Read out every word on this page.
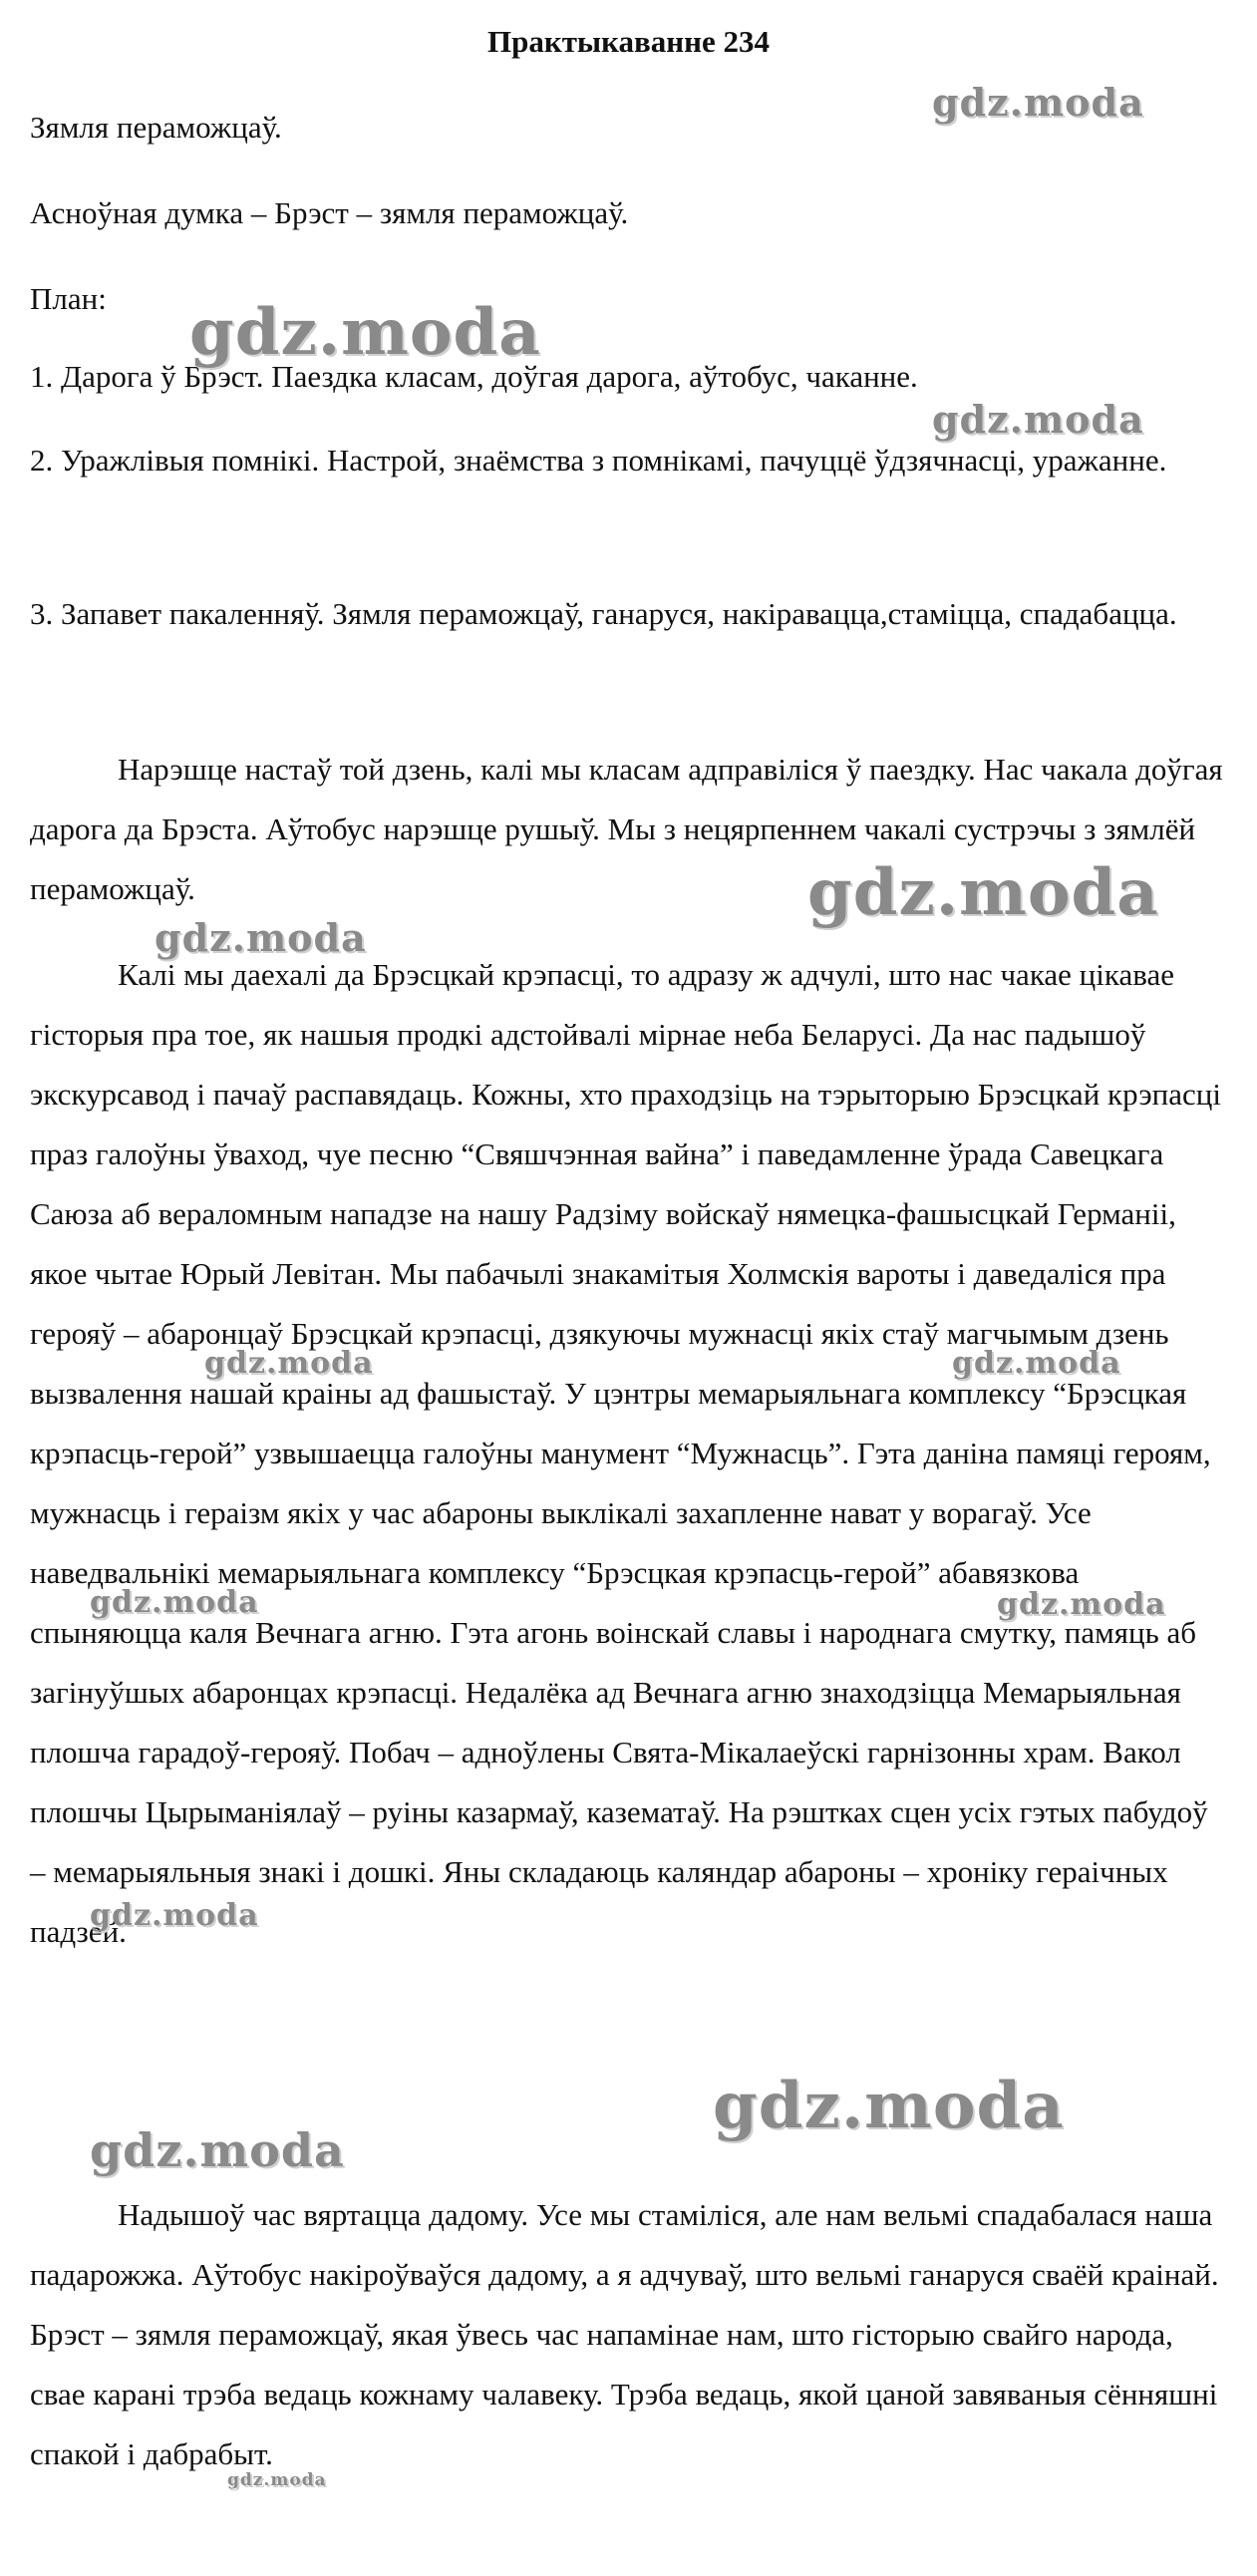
Практыкаванне 234

Зямля пераможцаў.

Асноўная думка – Брэст – зямля пераможцаў.

План:

1. Дарога ў Брэст. Паездка класам, доўгая дарога, аўтобус, чаканне.

2. Уражлівыя помнікі. Настрой, знаёмства з помнікамі, пачуццё ўдзячнасці, уражанне.

3. Запавет пакаленняў. Зямля пераможцаў, ганаруся, накіравацца,стаміцца, спадабацца.

Нарэшце настаў той дзень, калі мы класам адправіліся ў паездку. Нас чакала доўгая дарога да Брэста. Аўтобус нарэшце рушыў. Мы з нецярпеннем чакалі сустрэчы з зямлёй пераможцаў.

Калі мы даехалі да Брэсцкай крэпасці, то адразу ж адчулі, што нас чакае цікавае гісторыя пра тое, як нашыя продкі адстойвалі мірнае неба Беларусі. Да нас падышоў экскурсавод і пачаў распавядаць. Кожны, хто праходзіць на тэрыторыю Брэсцкай крэпасці праз галоўны ўваход, чуе песню “Свяшчэнная вайна” і паведамленне ўрада Савецкага Саюза аб вераломным нападзе на нашу Радзіму войскаў нямецка-фашысцкай Германіі, якое чытае Юрый Левітан. Мы пабачылі знакамітыя Холмскія вароты і даведаліся пра герояў – абаронцаў Брэсцкай крэпасці, дзякуючы мужнасці якіх стаў магчымым дзень вызвалення нашай краіны ад фашыстаў. У цэнтры мемарыяльнага комплексу “Брэсцкая крэпасць-герой” узвышаецца галоўны манумент “Мужнасць”. Гэта даніна памяці героям, мужнасць і гераізм якіх у час абароны выклікалі захапленне нават у ворагаў. Усе наведвальнікі мемарыяльнага комплексу “Брэсцкая крэпасць-герой” абавязкова спыняюцца каля Вечнага агню. Гэта агонь воінскай славы і народнага смутку, памяць аб загінуўшых абаронцах крэпасці. Недалёка ад Вечнага агню знаходзіцца Мемарыяльная плошча гарадоў-герояў. Побач – адноўлены Свята-Мікалаеўскі гарнізонны храм. Вакол плошчы Цырыманіялаў – руіны казармаў, казематаў. На рэштках сцен усіх гэтых пабудоў – мемарыяльныя знакі і дошкі. Яны складаюць каляндар абароны – хроніку гераічных падзей.

Надышоў час вяртацца дадому. Усе мы стаміліся, але нам вельмі спадабалася наша падарожжа. Аўтобус накіроўваўся дадому, а я адчуваў, што вельмі ганаруся сваёй краінай. Брэст – зямля пераможцаў, якая ўвесь час напамінае нам, што гісторыю свайго народа, свае карані трэба ведаць кожнаму чалавеку. Трэба ведаць, якой цаной завяваныя сённяшні спакой і дабрабыт.

gdz.moda
gdz.moda
gdz.moda
gdz.moda
gdz.moda
gdz.moda	gdz.moda
gdz.moda	gdz.moda
gdz.moda
gdz.moda
gdz.moda
gdz.moda
